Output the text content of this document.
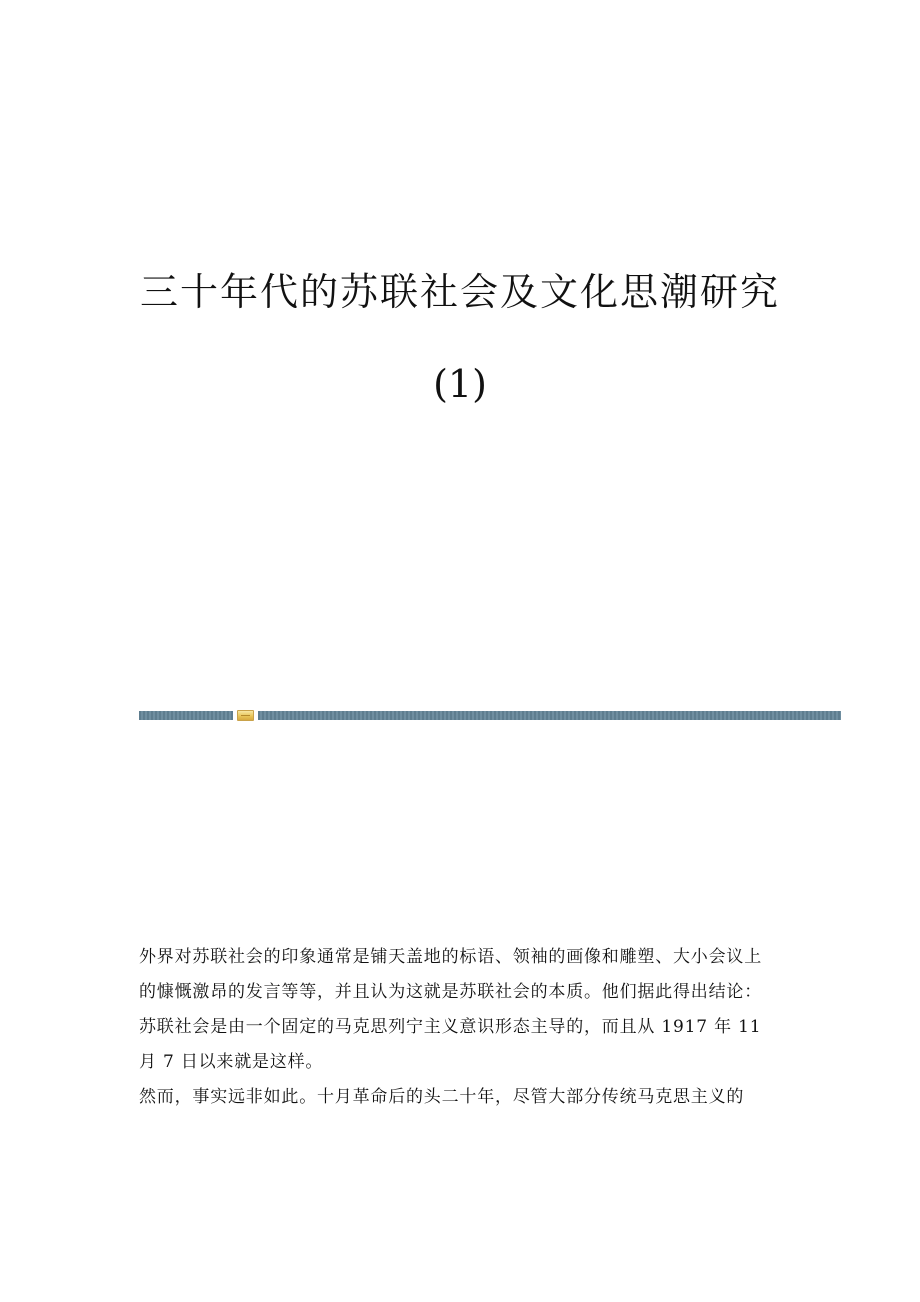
三十年代的苏联社会及文化思潮研究
(1)

外界对苏联社会的印象通常是铺天盖地的标语、领袖的画像和雕塑、大小会议上的慷慨激昂的发言等等，并且认为这就是苏联社会的本质。他们据此得出结论：苏联社会是由一个固定的马克思列宁主义意识形态主导的，而且从 1917 年 11 月 7 日以来就是这样。

然而，事实远非如此。十月革命后的头二十年，尽管大部分传统马克思主义的
